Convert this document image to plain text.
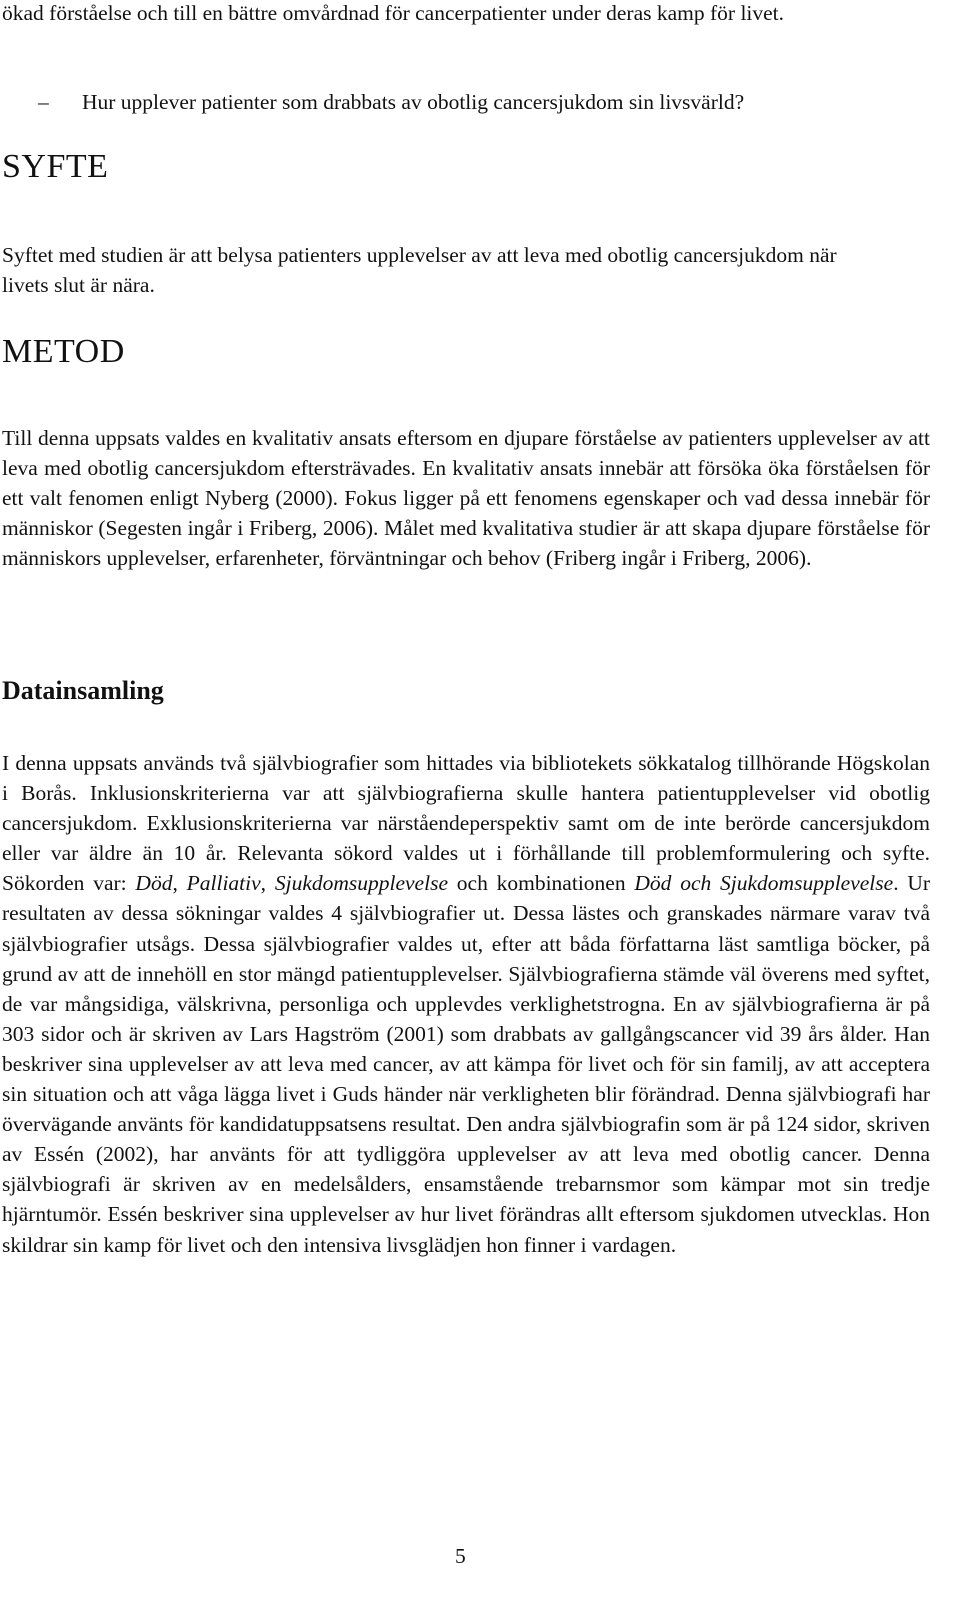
ökad förståelse och till en bättre omvårdnad för cancerpatienter under deras kamp för livet.

– Hur upplever patienter som drabbats av obotlig cancersjukdom sin livsvärld?
SYFTE

Syftet med studien är att belysa patienters upplevelser av att leva med obotlig cancersjukdom när livets slut är nära.

METOD

Till denna uppsats valdes en kvalitativ ansats eftersom en djupare förståelse av patienters upplevelser av att leva med obotlig cancersjukdom eftersträvades. En kvalitativ ansats innebär att försöka öka förståelsen för ett valt fenomen enligt Nyberg (2000). Fokus ligger på ett fenomens egenskaper och vad dessa innebär för människor (Segesten ingår i Friberg, 2006). Målet med kvalitativa studier är att skapa djupare förståelse för människors upplevelser, erfarenheter, förväntningar och behov (Friberg ingår i Friberg, 2006).

Datainsamling

I denna uppsats används två självbiografier som hittades via bibliotekets sökkatalog tillhörande Högskolan i Borås. Inklusionskriterierna var att självbiografierna skulle hantera patientupplevelser vid obotlig cancersjukdom. Exklusionskriterierna var närståendeperspektiv samt om de inte berörde cancersjukdom eller var äldre än 10 år. Relevanta sökord valdes ut i förhållande till problemformulering och syfte. Sökorden var: Död, Palliativ, Sjukdomsupplevelse och kombinationen Död och Sjukdomsupplevelse. Ur resultaten av dessa sökningar valdes 4 självbiografier ut. Dessa lästes och granskades närmare varav två självbiografier utsågs. Dessa självbiografier valdes ut, efter att båda författarna läst samtliga böcker, på grund av att de innehöll en stor mängd patientupplevelser. Självbiografierna stämde väl överens med syftet, de var mångsidiga, välskrivna, personliga och upplevdes verklighetstrogna. En av självbiografierna är på 303 sidor och är skriven av Lars Hagström (2001) som drabbats av gallgångscancer vid 39 års ålder. Han beskriver sina upplevelser av att leva med cancer, av att kämpa för livet och för sin familj, av att acceptera sin situation och att våga lägga livet i Guds händer när verkligheten blir förändrad. Denna självbiografi har övervägande använts för kandidatuppsatsens resultat. Den andra självbiografin som är på 124 sidor, skriven av Essén (2002), har använts för att tydliggöra upplevelser av att leva med obotlig cancer. Denna självbiografi är skriven av en medelsålders, ensamstående trebarnsmor som kämpar mot sin tredje hjärntumör. Essén beskriver sina upplevelser av hur livet förändras allt eftersom sjukdomen utvecklas. Hon skildrar sin kamp för livet och den intensiva livsglädjen hon finner i vardagen.

5
